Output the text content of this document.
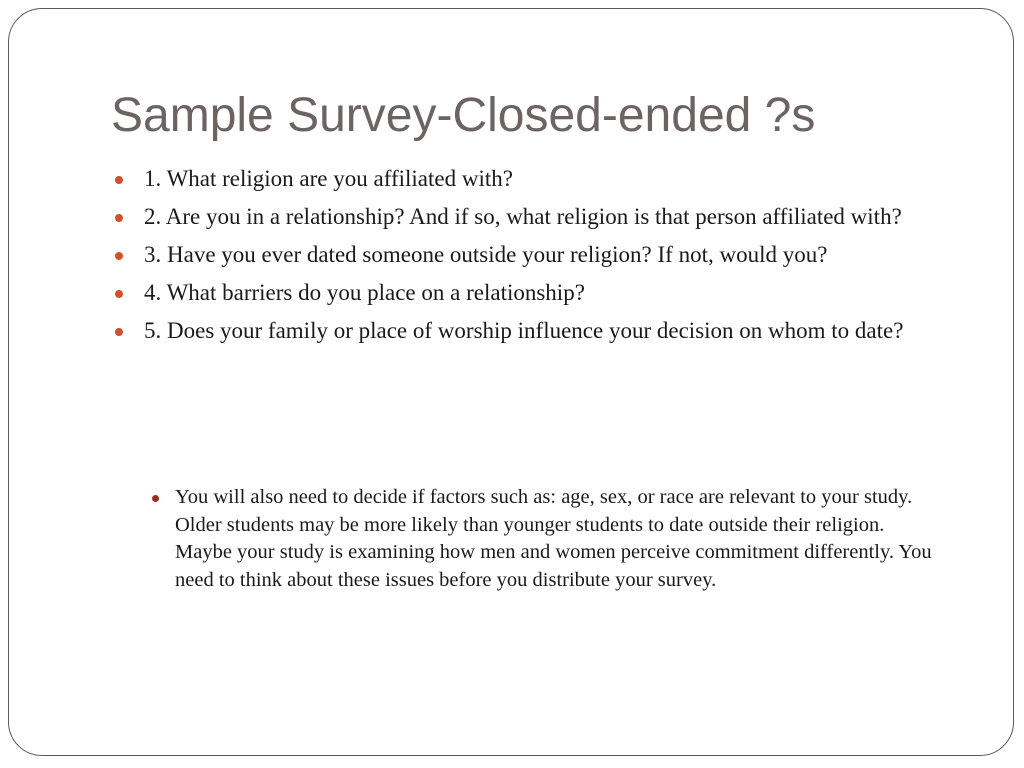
Sample Survey-Closed-ended ?s
1. What religion are you affiliated with?
2. Are you in a relationship? And if so, what religion is that person affiliated with?
3. Have you ever dated someone outside your religion? If not, would you?
4. What barriers do you place on a relationship?
5. Does your family or place of worship influence your decision on whom to date?
You will also need to decide if factors such as: age, sex, or race are relevant to your study. Older students may be more likely than younger students to date outside their religion. Maybe your study is examining how men and women perceive commitment differently. You need to think about these issues before you distribute your survey.
